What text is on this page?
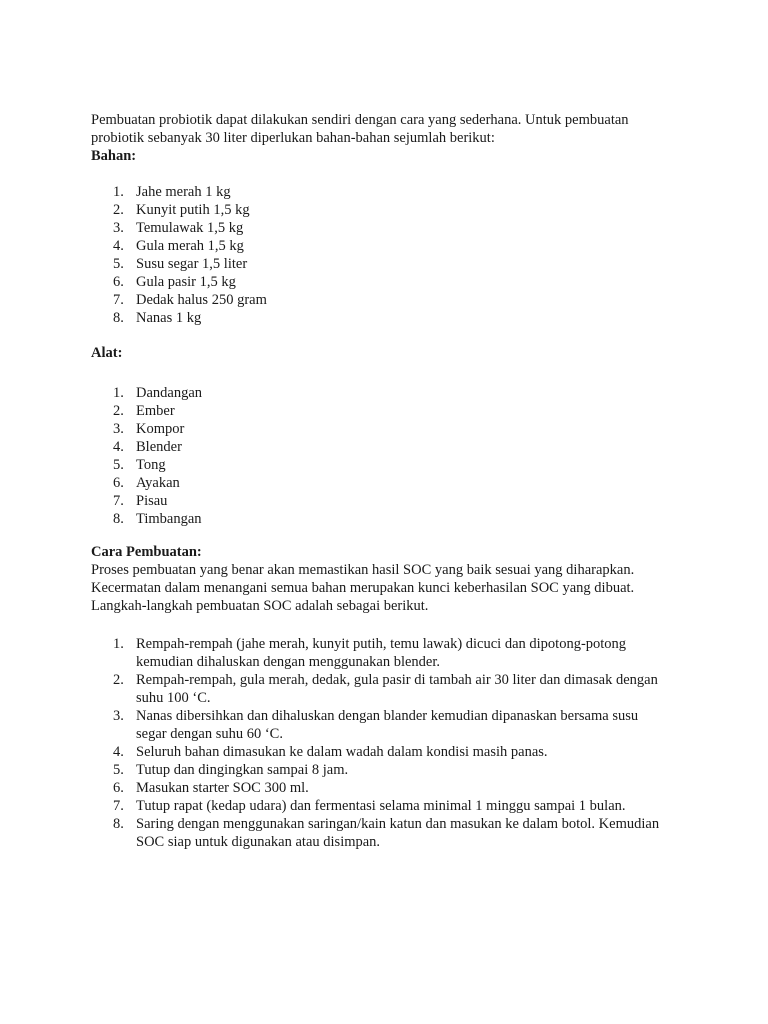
Pembuatan probiotik dapat dilakukan sendiri dengan cara yang sederhana. Untuk pembuatan probiotik sebanyak 30 liter diperlukan bahan-bahan sejumlah berikut:

Bahan:

1. Jahe merah 1 kg
2. Kunyit putih 1,5 kg
3. Temulawak 1,5 kg
4. Gula merah 1,5 kg
5. Susu segar 1,5 liter
6. Gula pasir 1,5 kg
7. Dedak halus 250 gram
8. Nanas 1 kg

Alat:

1. Dandangan
2. Ember
3. Kompor
4. Blender
5. Tong
6. Ayakan
7. Pisau
8. Timbangan

Cara Pembuatan:

Proses pembuatan yang benar akan memastikan hasil SOC yang baik sesuai yang diharapkan. Kecermatan dalam menangani semua bahan merupakan kunci keberhasilan SOC yang dibuat. Langkah-langkah pembuatan SOC adalah sebagai berikut.

1. Rempah-rempah (jahe merah, kunyit putih, temu lawak) dicuci dan dipotong-potong kemudian dihaluskan dengan menggunakan blender.
2. Rempah-rempah, gula merah, dedak, gula pasir di tambah air 30 liter dan dimasak dengan suhu 100 ‘C.
3. Nanas dibersihkan dan dihaluskan dengan blander kemudian dipanaskan bersama susu segar dengan suhu 60 ‘C.
4. Seluruh bahan dimasukan ke dalam wadah dalam kondisi masih panas.
5. Tutup dan dingingkan sampai 8 jam.
6. Masukan starter SOC 300 ml.
7. Tutup rapat (kedap udara) dan fermentasi selama minimal 1 minggu sampai 1 bulan.
8. Saring dengan menggunakan saringan/kain katun dan masukan ke dalam botol. Kemudian SOC siap untuk digunakan atau disimpan.
